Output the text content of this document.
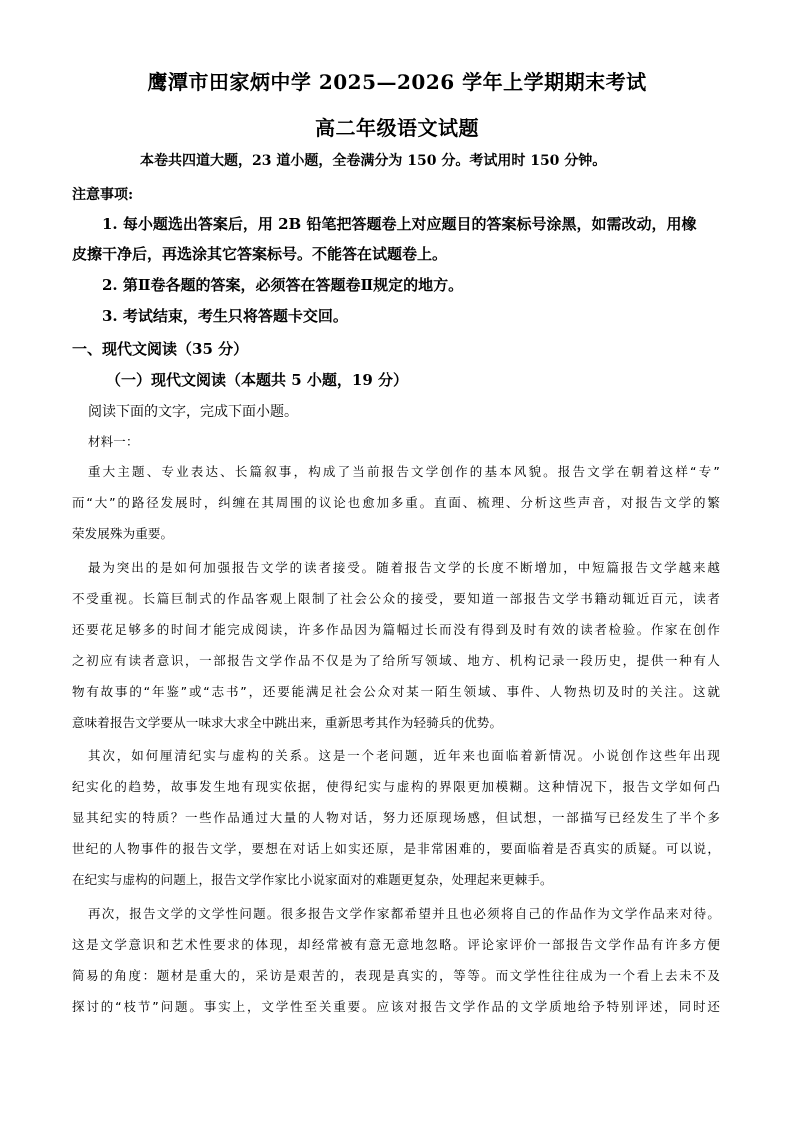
鹰潭市田家炳中学 2025—2026 学年上学期期末考试
高二年级语文试题
本卷共四道大题，23 道小题，全卷满分为 150 分。考试用时 150 分钟。
注意事项:
1. 每小题选出答案后，用 2B 铅笔把答题卷上对应题目的答案标号涂黑，如需改动，用橡
皮擦干净后，再选涂其它答案标号。不能答在试题卷上。
2. 第Ⅱ卷各题的答案，必须答在答题卷Ⅱ规定的地方。
3. 考试结束，考生只将答题卡交回。
一、现代文阅读（35 分）
（一）现代文阅读（本题共 5 小题，19 分）
阅读下面的文字，完成下面小题。
材料一：
重大主题、专业表达、长篇叙事，构成了当前报告文学创作的基本风貌。报告文学在朝着这样“专”
而“大”的路径发展时，纠缠在其周围的议论也愈加多重。直面、梳理、分析这些声音，对报告文学的繁
荣发展殊为重要。
最为突出的是如何加强报告文学的读者接受。随着报告文学的长度不断增加，中短篇报告文学越来越
不受重视。长篇巨制式的作品客观上限制了社会公众的接受，要知道一部报告文学书籍动辄近百元，读者
还要花足够多的时间才能完成阅读，许多作品因为篇幅过长而没有得到及时有效的读者检验。作家在创作
之初应有读者意识，一部报告文学作品不仅是为了给所写领域、地方、机构记录一段历史，提供一种有人
物有故事的“年鉴”或“志书”，还要能满足社会公众对某一陌生领域、事件、人物热切及时的关注。这就
意味着报告文学要从一味求大求全中跳出来，重新思考其作为轻骑兵的优势。
其次，如何厘清纪实与虚构的关系。这是一个老问题，近年来也面临着新情况。小说创作这些年出现
纪实化的趋势，故事发生地有现实依据，使得纪实与虚构的界限更加模糊。这种情况下，报告文学如何凸
显其纪实的特质？一些作品通过大量的人物对话，努力还原现场感，但试想，一部描写已经发生了半个多
世纪的人物事件的报告文学，要想在对话上如实还原，是非常困难的，要面临着是否真实的质疑。可以说，
在纪实与虚构的问题上，报告文学作家比小说家面对的难题更复杂，处理起来更棘手。
再次，报告文学的文学性问题。很多报告文学作家都希望并且也必须将自己的作品作为文学作品来对待。
这是文学意识和艺术性要求的体现，却经常被有意无意地忽略。评论家评价一部报告文学作品有许多方便
简易的角度：题材是重大的，采访是艰苦的，表现是真实的，等等。而文学性往往成为一个看上去未不及
探讨的“枝节”问题。事实上，文学性至关重要。应该对报告文学作品的文学质地给予特别评述，同时还
